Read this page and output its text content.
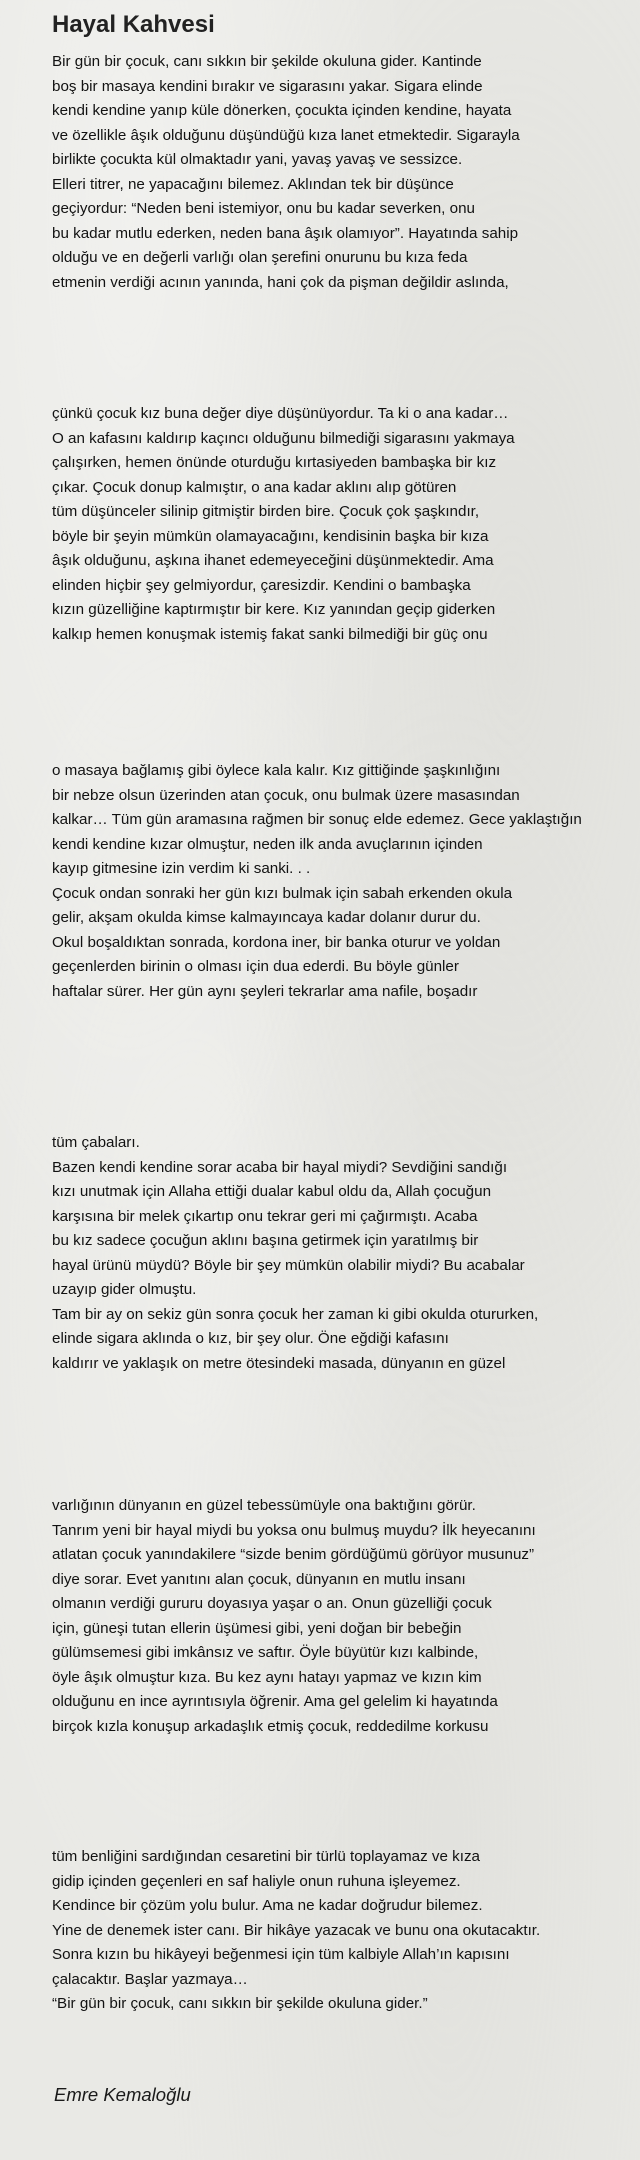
Hayal Kahvesi
Bir gün bir çocuk, canı sıkkın bir şekilde okuluna gider. Kantinde
boş bir masaya kendini bırakır ve sigarasını yakar. Sigara elinde
kendi kendine yanıp küle dönerken, çocukta içinden kendine, hayata
ve özellikle âşık olduğunu düşündüğü kıza lanet etmektedir. Sigarayla
birlikte çocukta kül olmaktadır yani, yavaş yavaş ve sessizce.
Elleri titrer, ne yapacağını bilemez. Aklından tek bir düşünce
geçiyordur: “Neden beni istemiyor, onu bu kadar severken, onu
bu kadar mutlu ederken, neden bana âşık olamıyor”. Hayatında sahip
olduğu ve en değerli varlığı olan şerefini onurunu bu kıza feda
etmenin verdiği acının yanında, hani çok da pişman değildir aslında,
çünkü çocuk kız buna değer diye düşünüyordur. Ta ki o ana kadar…
O an kafasını kaldırıp kaçıncı olduğunu bilmediği sigarasını yakmaya
çalışırken, hemen önünde oturduğu kırtasiyeden bambaşka bir kız
çıkar. Çocuk donup kalmıştır, o ana kadar aklını alıp götüren
tüm düşünceler silinip gitmiştir birden bire. Çocuk çok şaşkındır,
böyle bir şeyin mümkün olamayacağını, kendisinin başka bir kıza
âşık olduğunu, aşkına ihanet edemeyeceğini düşünmektedir. Ama
elinden hiçbir şey gelmiyordur, çaresizdir. Kendini o bambaşka
kızın güzelliğine kaptırmıştır bir kere. Kız yanından geçip giderken
kalkıp hemen konuşmak istemiş fakat sanki bilmediği bir güç onu
o masaya bağlamış gibi öylece kala kalır. Kız gittiğinde şaşkınlığını
bir nebze olsun üzerinden atan çocuk, onu bulmak üzere masasından
kalkar… Tüm gün aramasına rağmen bir sonuç elde edemez. Gece yaklaştığın
kendi kendine kızar olmuştur, neden ilk anda avuçlarının içinden
kayıp gitmesine izin verdim ki sanki. . .
Çocuk ondan sonraki her gün kızı bulmak için sabah erkenden okula
gelir, akşam okulda kimse kalmayıncaya kadar dolanır durur du.
Okul boşaldıktan sonrada, kordona iner, bir banka oturur ve yoldan
geçenlerden birinin o olması için dua ederdi. Bu böyle günler
haftalar sürer. Her gün aynı şeyleri tekrarlar ama nafile, boşadır
tüm çabaları.
Bazen kendi kendine sorar acaba bir hayal miydi? Sevdiğini sandığı
kızı unutmak için Allaha ettiği dualar kabul oldu da, Allah çocuğun
karşısına bir melek çıkartıp onu tekrar geri mi çağırmıştı. Acaba
bu kız sadece çocuğun aklını başına getirmek için yaratılmış bir
hayal ürünü müydü? Böyle bir şey mümkün olabilir miydi? Bu acabalar
uzayıp gider olmuştu.
Tam bir ay on sekiz gün sonra çocuk her zaman ki gibi okulda otururken,
elinde sigara aklında o kız, bir şey olur. Öne eğdiği kafasını
kaldırır ve yaklaşık on metre ötesindeki masada, dünyanın en güzel
varlığının dünyanın en güzel tebessümüyle ona baktığını görür.
Tanrım yeni bir hayal miydi bu yoksa onu bulmuş muydu? İlk heyecanını
atlatan çocuk yanındakilere “sizde benim gördüğümü görüyor musunuz”
diye sorar. Evet yanıtını alan çocuk, dünyanın en mutlu insanı
olmanın verdiği gururu doyasıya yaşar o an. Onun güzelliği çocuk
için, güneşi tutan ellerin üşümesi gibi, yeni doğan bir bebeğin
gülümsemesi gibi imkânsız ve saftır. Öyle büyütür kızı kalbinde,
öyle âşık olmuştur kıza. Bu kez aynı hatayı yapmaz ve kızın kim
olduğunu en ince ayrıntısıyla öğrenir. Ama gel gelelim ki hayatında
birçok kızla konuşup arkadaşlık etmiş çocuk, reddedilme korkusu
tüm benliğini sardığından cesaretini bir türlü toplayamaz ve kıza
gidip içinden geçenleri en saf haliyle onun ruhuna işleyemez.
Kendince bir çözüm yolu bulur. Ama ne kadar doğrudur bilemez.
Yine de denemek ister canı. Bir hikâye yazacak ve bunu ona okutacaktır.
Sonra kızın bu hikâyeyi beğenmesi için tüm kalbiyle Allah’ın kapısını
çalacaktır. Başlar yazmaya…
“Bir gün bir çocuk, canı sıkkın bir şekilde okuluna gider.”
Emre Kemaloğlu
